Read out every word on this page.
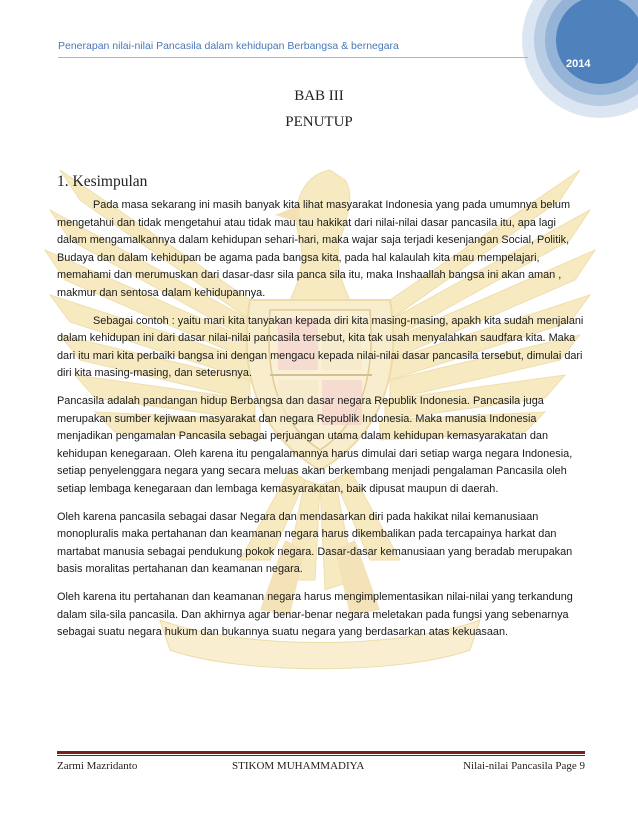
2014
Penerapan nilai-nilai Pancasila dalam kehidupan Berbangsa & bernegara
BAB III
PENUTUP
1. Kesimpulan

Pada masa sekarang ini masih banyak kita lihat masyarakat Indonesia yang pada umumnya belum mengetahui dan tidak mengetahui atau tidak mau tau hakikat dari nilai-nilai dasar pancasila itu, apa lagi dalam mengamalkannya dalam kehidupan sehari-hari, maka wajar saja terjadi kesenjangan Social, Politik, Budaya dan dalam kehidupan be agama pada bangsa kita, pada hal kalaulah kita mau mempelajari, memahami dan merumuskan dari dasar-dasr sila panca sila itu, maka Inshaallah bangsa ini akan aman , makmur dan sentosa dalam kehidupannya.

Sebagai contoh : yaitu mari kita tanyakan kepada diri kita masing-masing, apakh kita sudah menjalani dalam kehidupan ini dari dasar nilai-nilai pancasila tersebut, kita tak usah menyalahkan saudfara kita. Maka dari itu mari kita perbaiki bangsa ini dengan mengacu kepada nilai-nilai dasar pancasila tersebut, dimulai dari diri kita masing-masing, dan seterusnya.

Pancasila adalah pandangan hidup Berbangsa dan dasar negara Republik Indonesia. Pancasila juga merupakan sumber kejiwaan masyarakat dan negara Republik Indonesia. Maka manusia Indonesia menjadikan pengamalan Pancasila sebagai perjuangan utama dalam kehidupan kemasyarakatan dan kehidupan kenegaraan. Oleh karena itu pengalamannya harus dimulai dari setiap warga negara Indonesia, setiap penyelenggara negara yang secara meluas akan berkembang menjadi pengalaman Pancasila oleh setiap lembaga kenegaraan dan lembaga kemasyarakatan, baik dipusat maupun di daerah.

Oleh karena pancasila sebagai dasar Negara dan mendasarkan diri pada hakikat nilai kemanusiaan monopluralis maka pertahanan dan keamanan negara harus dikembalikan pada tercapainya harkat dan martabat manusia sebagai pendukung pokok negara. Dasar-dasar kemanusiaan yang beradab merupakan basis moralitas pertahanan dan keamanan negara.

Oleh karena itu pertahanan dan keamanan negara harus mengimplementasikan nilai-nilai yang terkandung dalam sila-sila pancasila. Dan akhirnya agar benar-benar negara meletakan pada fungsi yang sebenarnya sebagai suatu negara hukum dan bukannya suatu negara yang berdasarkan atas kekuasaan.

Zarmi Mazridanto	STIKOM MUHAMMADIYA	Nilai-nilai Pancasila Page 9
